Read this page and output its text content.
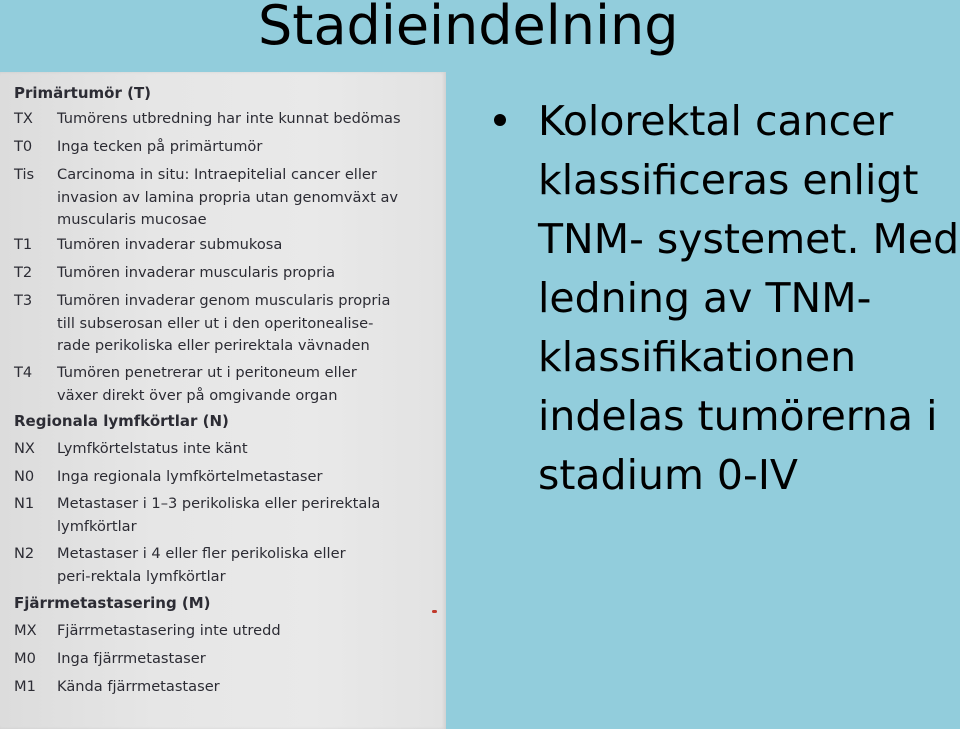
Stadieindelning
Primärtumör (T)
TX Tumörens utbredning har inte kunnat bedömas
T0 Inga tecken på primärtumör
Tis Carcinoma in situ: Intraepitelial cancer eller
invasion av lamina propria utan genomväxt av
muscularis mucosae
T1 Tumören invaderar submukosa
T2 Tumören invaderar muscularis propria
T3 Tumören invaderar genom muscularis propria
till subserosan eller ut i den operitonealise-
rade perikoliska eller perirektala vävnaden
T4 Tumören penetrerar ut i peritoneum eller
växer direkt över på omgivande organ
Regionala lymfkörtlar (N)
NX Lymfkörtelstatus inte känt
N0 Inga regionala lymfkörtelmetastaser
N1 Metastaser i 1–3 perikoliska eller perirektala
lymfkörtlar
N2 Metastaser i 4 eller fler perikoliska eller
peri-rektala lymfkörtlar
Fjärrmetastasering (M)
MX Fjärrmetastasering inte utredd
M0 Inga fjärrmetastaser
M1 Kända fjärrmetastaser
Kolorektal cancer
klassificeras enligt
TNM- systemet. Med
ledning av TNM-
klassifikationen
indelas tumörerna i
stadium 0-IV
